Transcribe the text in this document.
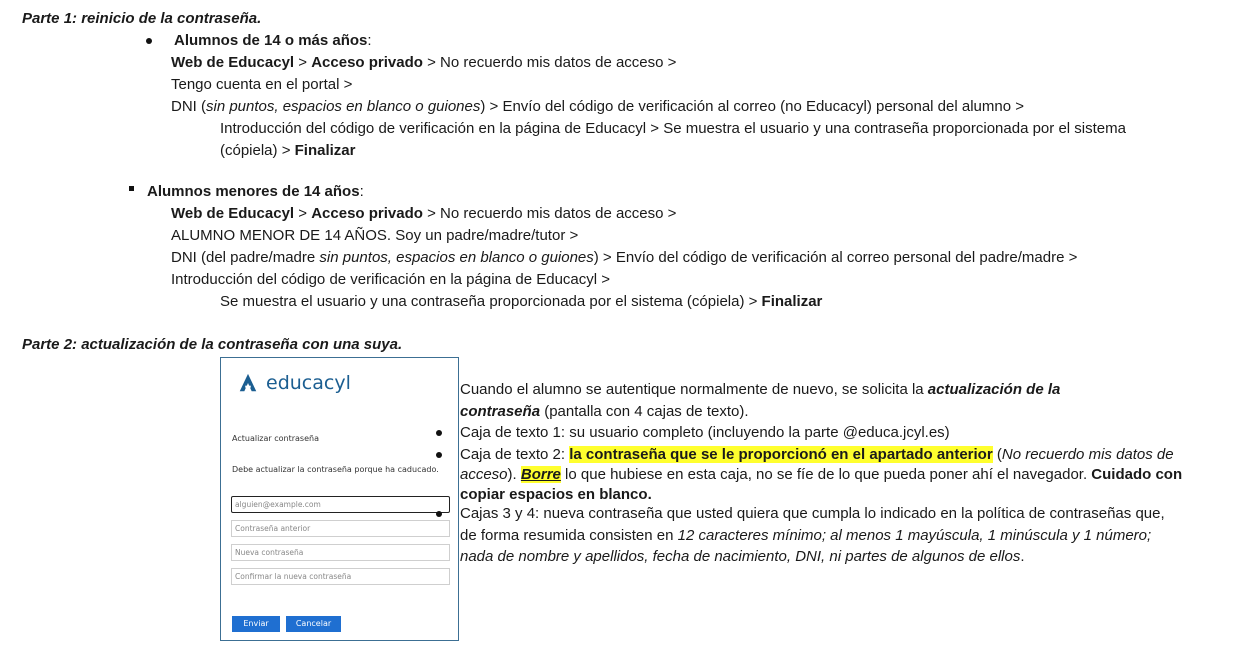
Parte 1: reinicio de la contraseña.
Alumnos de 14 o más años:
Web de Educacyl > Acceso privado > No recuerdo mis datos de acceso >
Tengo cuenta en el portal >
DNI (sin puntos, espacios en blanco o guiones) > Envío del código de verificación al correo (no Educacyl) personal del alumno >
Introducción del código de verificación en la página de Educacyl > Se muestra el usuario y una contraseña proporcionada por el sistema
(cópiela) > Finalizar
Alumnos menores de 14 años:
Web de Educacyl > Acceso privado > No recuerdo mis datos de acceso >
ALUMNO MENOR DE 14 AÑOS. Soy un padre/madre/tutor >
DNI (del padre/madre sin puntos, espacios en blanco o guiones) > Envío del código de verificación al correo personal del padre/madre >
Introducción del código de verificación en la página de Educacyl >
Se muestra el usuario y una contraseña proporcionada por el sistema (cópiela) > Finalizar
Parte 2: actualización de la contraseña con una suya.
educacyl
Actualizar contraseña
Debe actualizar la contraseña porque ha caducado.
alguien@example.com
Contraseña anterior
Nueva contraseña
Confirmar la nueva contraseña
Enviar	Cancelar
Cuando el alumno se autentique normalmente de nuevo, se solicita la actualización de la
contraseña (pantalla con 4 cajas de texto).
Caja de texto 1: su usuario completo (incluyendo la parte @educa.jcyl.es)
Caja de texto 2: la contraseña que se le proporcionó en el apartado anterior (No recuerdo mis datos de
acceso). Borre lo que hubiese en esta caja, no se fíe de lo que pueda poner ahí el navegador. Cuidado con
copiar espacios en blanco.
Cajas 3 y 4: nueva contraseña que usted quiera que cumpla lo indicado en la política de contraseñas que,
de forma resumida consisten en 12 caracteres mínimo; al menos 1 mayúscula, 1 minúscula y 1 número;
nada de nombre y apellidos, fecha de nacimiento, DNI, ni partes de algunos de ellos.
